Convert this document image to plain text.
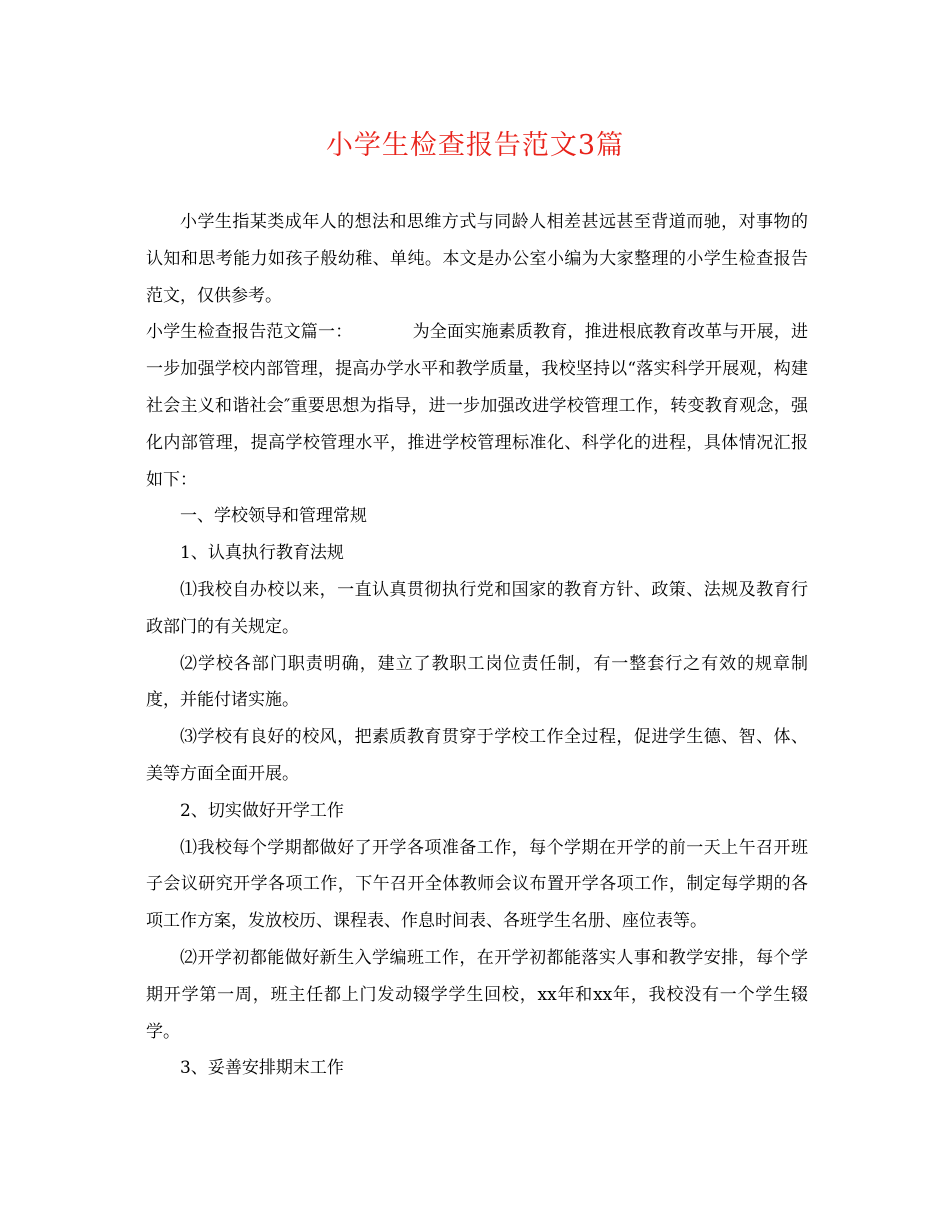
小学生检查报告范文3篇

小学生指某类成年人的想法和思维方式与同龄人相差甚远甚至背道而驰，对事物的认知和思考能力如孩子般幼稚、单纯。本文是办公室小编为大家整理的小学生检查报告范文，仅供参考。

小学生检查报告范文篇一：	为全面实施素质教育，推进根底教育改革与开展，进一步加强学校内部管理，提高办学水平和教学质量，我校坚持以“落实科学开展观，构建社会主义和谐社会″重要思想为指导，进一步加强改进学校管理工作，转变教育观念，强化内部管理，提高学校管理水平，推进学校管理标准化、科学化的进程，具体情况汇报如下：

一、学校领导和管理常规

1、认真执行教育法规

⑴我校自办校以来，一直认真贯彻执行党和国家的教育方针、政策、法规及教育行政部门的有关规定。

⑵学校各部门职责明确，建立了教职工岗位责任制，有一整套行之有效的规章制度，并能付诸实施。

⑶学校有良好的校风，把素质教育贯穿于学校工作全过程，促进学生德、智、体、美等方面全面开展。

2、切实做好开学工作

⑴我校每个学期都做好了开学各项准备工作，每个学期在开学的前一天上午召开班子会议研究开学各项工作，下午召开全体教师会议布置开学各项工作，制定每学期的各项工作方案，发放校历、课程表、作息时间表、各班学生名册、座位表等。

⑵开学初都能做好新生入学编班工作，在开学初都能落实人事和教学安排，每个学期开学第一周，班主任都上门发动辍学学生回校，xx年和xx年，我校没有一个学生辍学。

3、妥善安排期末工作
